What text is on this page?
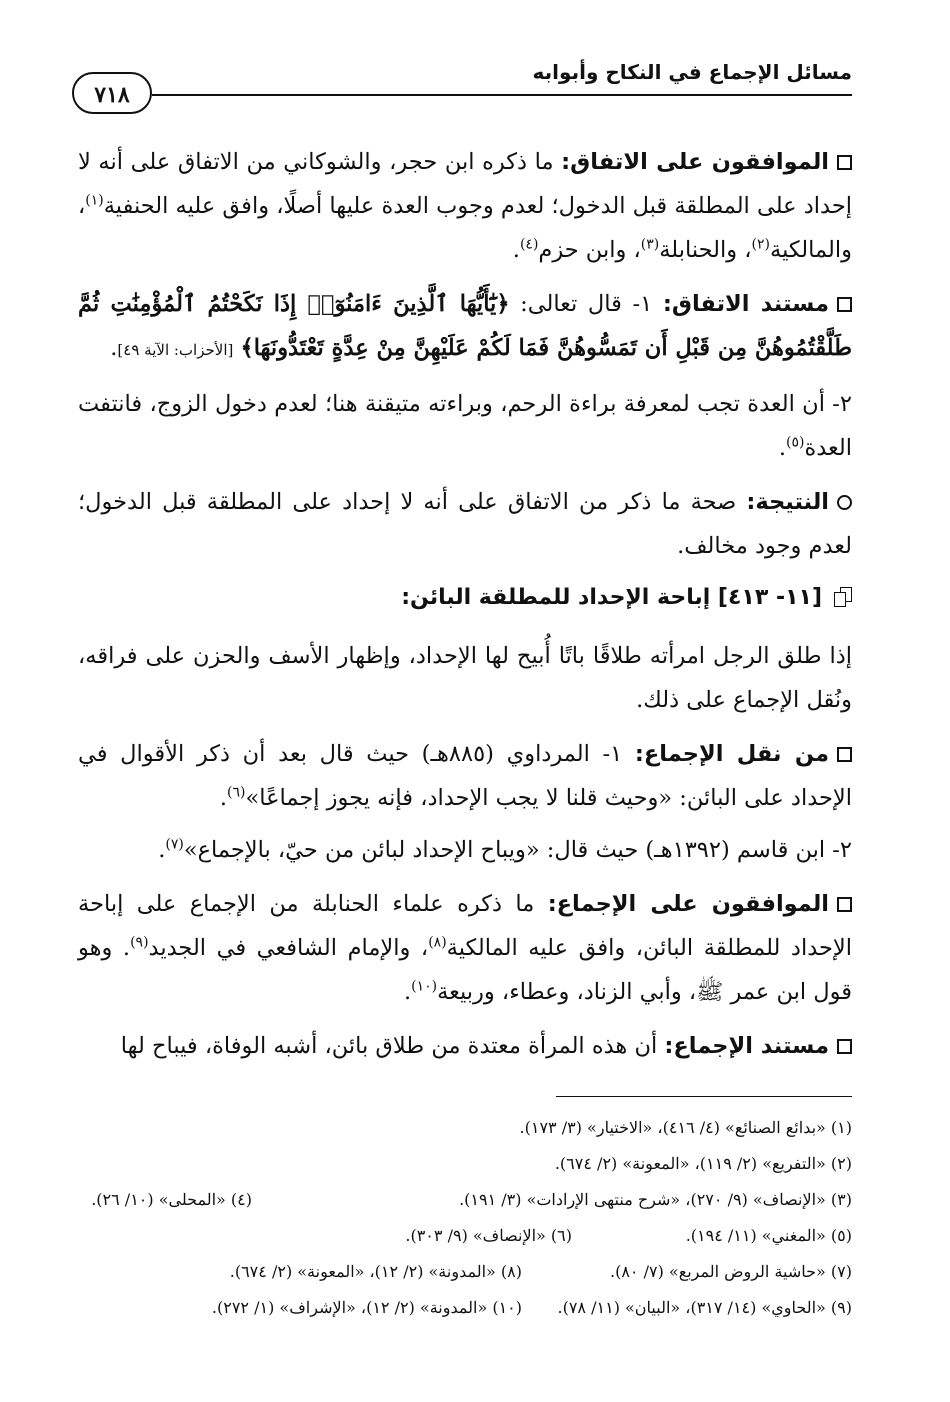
مسائل الإجماع في النكاح وأبوابه
٧١٨

الموافقون على الاتفاق: ما ذكره ابن حجر، والشوكاني من الاتفاق على أنه لا إحداد على المطلقة قبل الدخول؛ لعدم وجوب العدة عليها أصلًا، وافق عليه الحنفية$^{(١)}$، والمالكية$^{(٢)}$، والحنابلة$^{(٣)}$، وابن حزم$^{(٤)}$.

مستند الاتفاق: ١- قال تعالى: ﴿يَٰٓأَيُّهَا ٱلَّذِينَ ءَامَنُوٓا۟ إِذَا نَكَحْتُمُ ٱلْمُؤْمِنَٰتِ ثُمَّ طَلَّقْتُمُوهُنَّ مِن قَبْلِ أَن تَمَسُّوهُنَّ فَمَا لَكُمْ عَلَيْهِنَّ مِنْ عِدَّةٍ تَعْتَدُّونَهَا﴾ [الأحزاب: الآية ٤٩].

٢- أن العدة تجب لمعرفة براءة الرحم، وبراءته متيقنة هنا؛ لعدم دخول الزوج، فانتفت العدة$^{(٥)}$.

النتيجة: صحة ما ذكر من الاتفاق على أنه لا إحداد على المطلقة قبل الدخول؛ لعدم وجود مخالف.

[١١- ٤١٣] إباحة الإحداد للمطلقة البائن:

إذا طلق الرجل امرأته طلاقًا باتًا أُبيح لها الإحداد، وإظهار الأسف والحزن على فراقه، ونُقل الإجماع على ذلك.

من نقل الإجماع: ١- المرداوي (٨٨٥هـ) حيث قال بعد أن ذكر الأقوال في الإحداد على البائن: «وحيث قلنا لا يجب الإحداد، فإنه يجوز إجماعًا»$^{(٦)}$.

٢- ابن قاسم (١٣٩٢هـ) حيث قال: «ويباح الإحداد لبائن من حيّ، بالإجماع»$^{(٧)}$.

الموافقون على الإجماع: ما ذكره علماء الحنابلة من الإجماع على إباحة الإحداد للمطلقة البائن، وافق عليه المالكية$^{(٨)}$، والإمام الشافعي في الجديد$^{(٩)}$. وهو قول ابن عمر ﷺ، وأبي الزناد، وعطاء، وربيعة$^{(١٠)}$.

مستند الإجماع: أن هذه المرأة معتدة من طلاق بائن، أشبه الوفاة، فيباح لها

(١) «بدائع الصنائع» (٤/ ٤١٦)، «الاختيار» (٣/ ١٧٣).
(٢) «التفريع» (٢/ ١١٩)، «المعونة» (٢/ ٦٧٤).
(٣) «الإنصاف» (٩/ ٢٧٠)، «شرح منتهى الإرادات» (٣/ ١٩١).
(٤) «المحلى» (١٠/ ٢٦).
(٥) «المغني» (١١/ ١٩٤).
(٦) «الإنصاف» (٩/ ٣٠٣).
(٧) «حاشية الروض المربع» (٧/ ٨٠).
(٨) «المدونة» (٢/ ١٢)، «المعونة» (٢/ ٦٧٤).
(٩) «الحاوي» (١٤/ ٣١٧)، «البيان» (١١/ ٧٨).
(١٠) «المدونة» (٢/ ١٢)، «الإشراف» (١/ ٢٧٢).
